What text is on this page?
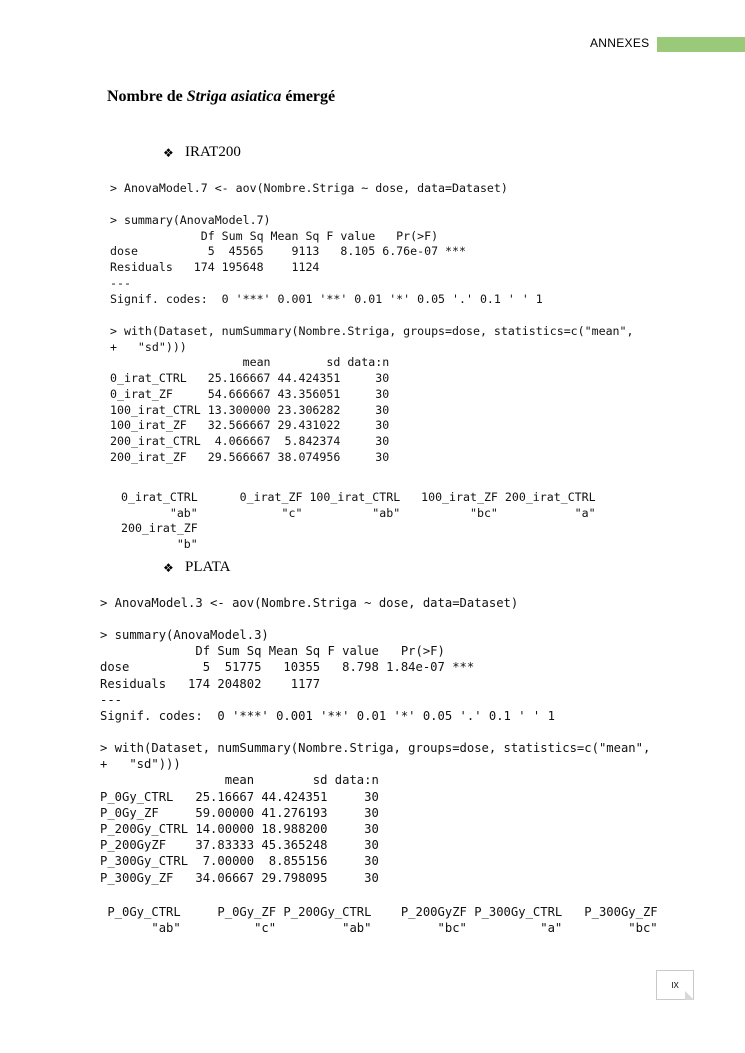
ANNEXES
Nombre de Striga asiatica émergé
❖ IRAT200
> AnovaModel.7 <- aov(Nombre.Striga ~ dose, data=Dataset)
> summary(AnovaModel.7)
Df Sum Sq Mean Sq F value   Pr(>F)
dose          5  45565    9113   8.105 6.76e-07 ***
Residuals   174 195648    1124
---
Signif. codes:  0 '***' 0.001 '**' 0.01 '*' 0.05 '.' 0.1 ' ' 1
> with(Dataset, numSummary(Nombre.Striga, groups=dose, statistics=c("mean",
+   "sd")))
mean        sd data:n
0_irat_CTRL   25.166667 44.424351     30
0_irat_ZF     54.666667 43.356051     30
100_irat_CTRL 13.300000 23.306282     30
100_irat_ZF   32.566667 29.431022     30
200_irat_CTRL  4.066667  5.842374     30
200_irat_ZF   29.566667 38.074956     30
0_irat_CTRL      0_irat_ZF 100_irat_CTRL   100_irat_ZF 200_irat_CTRL
"ab"            "c"          "ab"          "bc"           "a"
200_irat_ZF
"b"
❖ PLATA
> AnovaModel.3 <- aov(Nombre.Striga ~ dose, data=Dataset)
> summary(AnovaModel.3)
Df Sum Sq Mean Sq F value   Pr(>F)
dose          5  51775   10355   8.798 1.84e-07 ***
Residuals   174 204802    1177
---
Signif. codes:  0 '***' 0.001 '**' 0.01 '*' 0.05 '.' 0.1 ' ' 1
> with(Dataset, numSummary(Nombre.Striga, groups=dose, statistics=c("mean",
+   "sd")))
mean        sd data:n
P_0Gy_CTRL   25.16667 44.424351     30
P_0Gy_ZF     59.00000 41.276193     30
P_200Gy_CTRL 14.00000 18.988200     30
P_200GyZF    37.83333 45.365248     30
P_300Gy_CTRL  7.00000  8.855156     30
P_300Gy_ZF   34.06667 29.798095     30
P_0Gy_CTRL     P_0Gy_ZF P_200Gy_CTRL    P_200GyZF P_300Gy_CTRL   P_300Gy_ZF
"ab"          "c"         "ab"         "bc"          "a"         "bc"
IX
